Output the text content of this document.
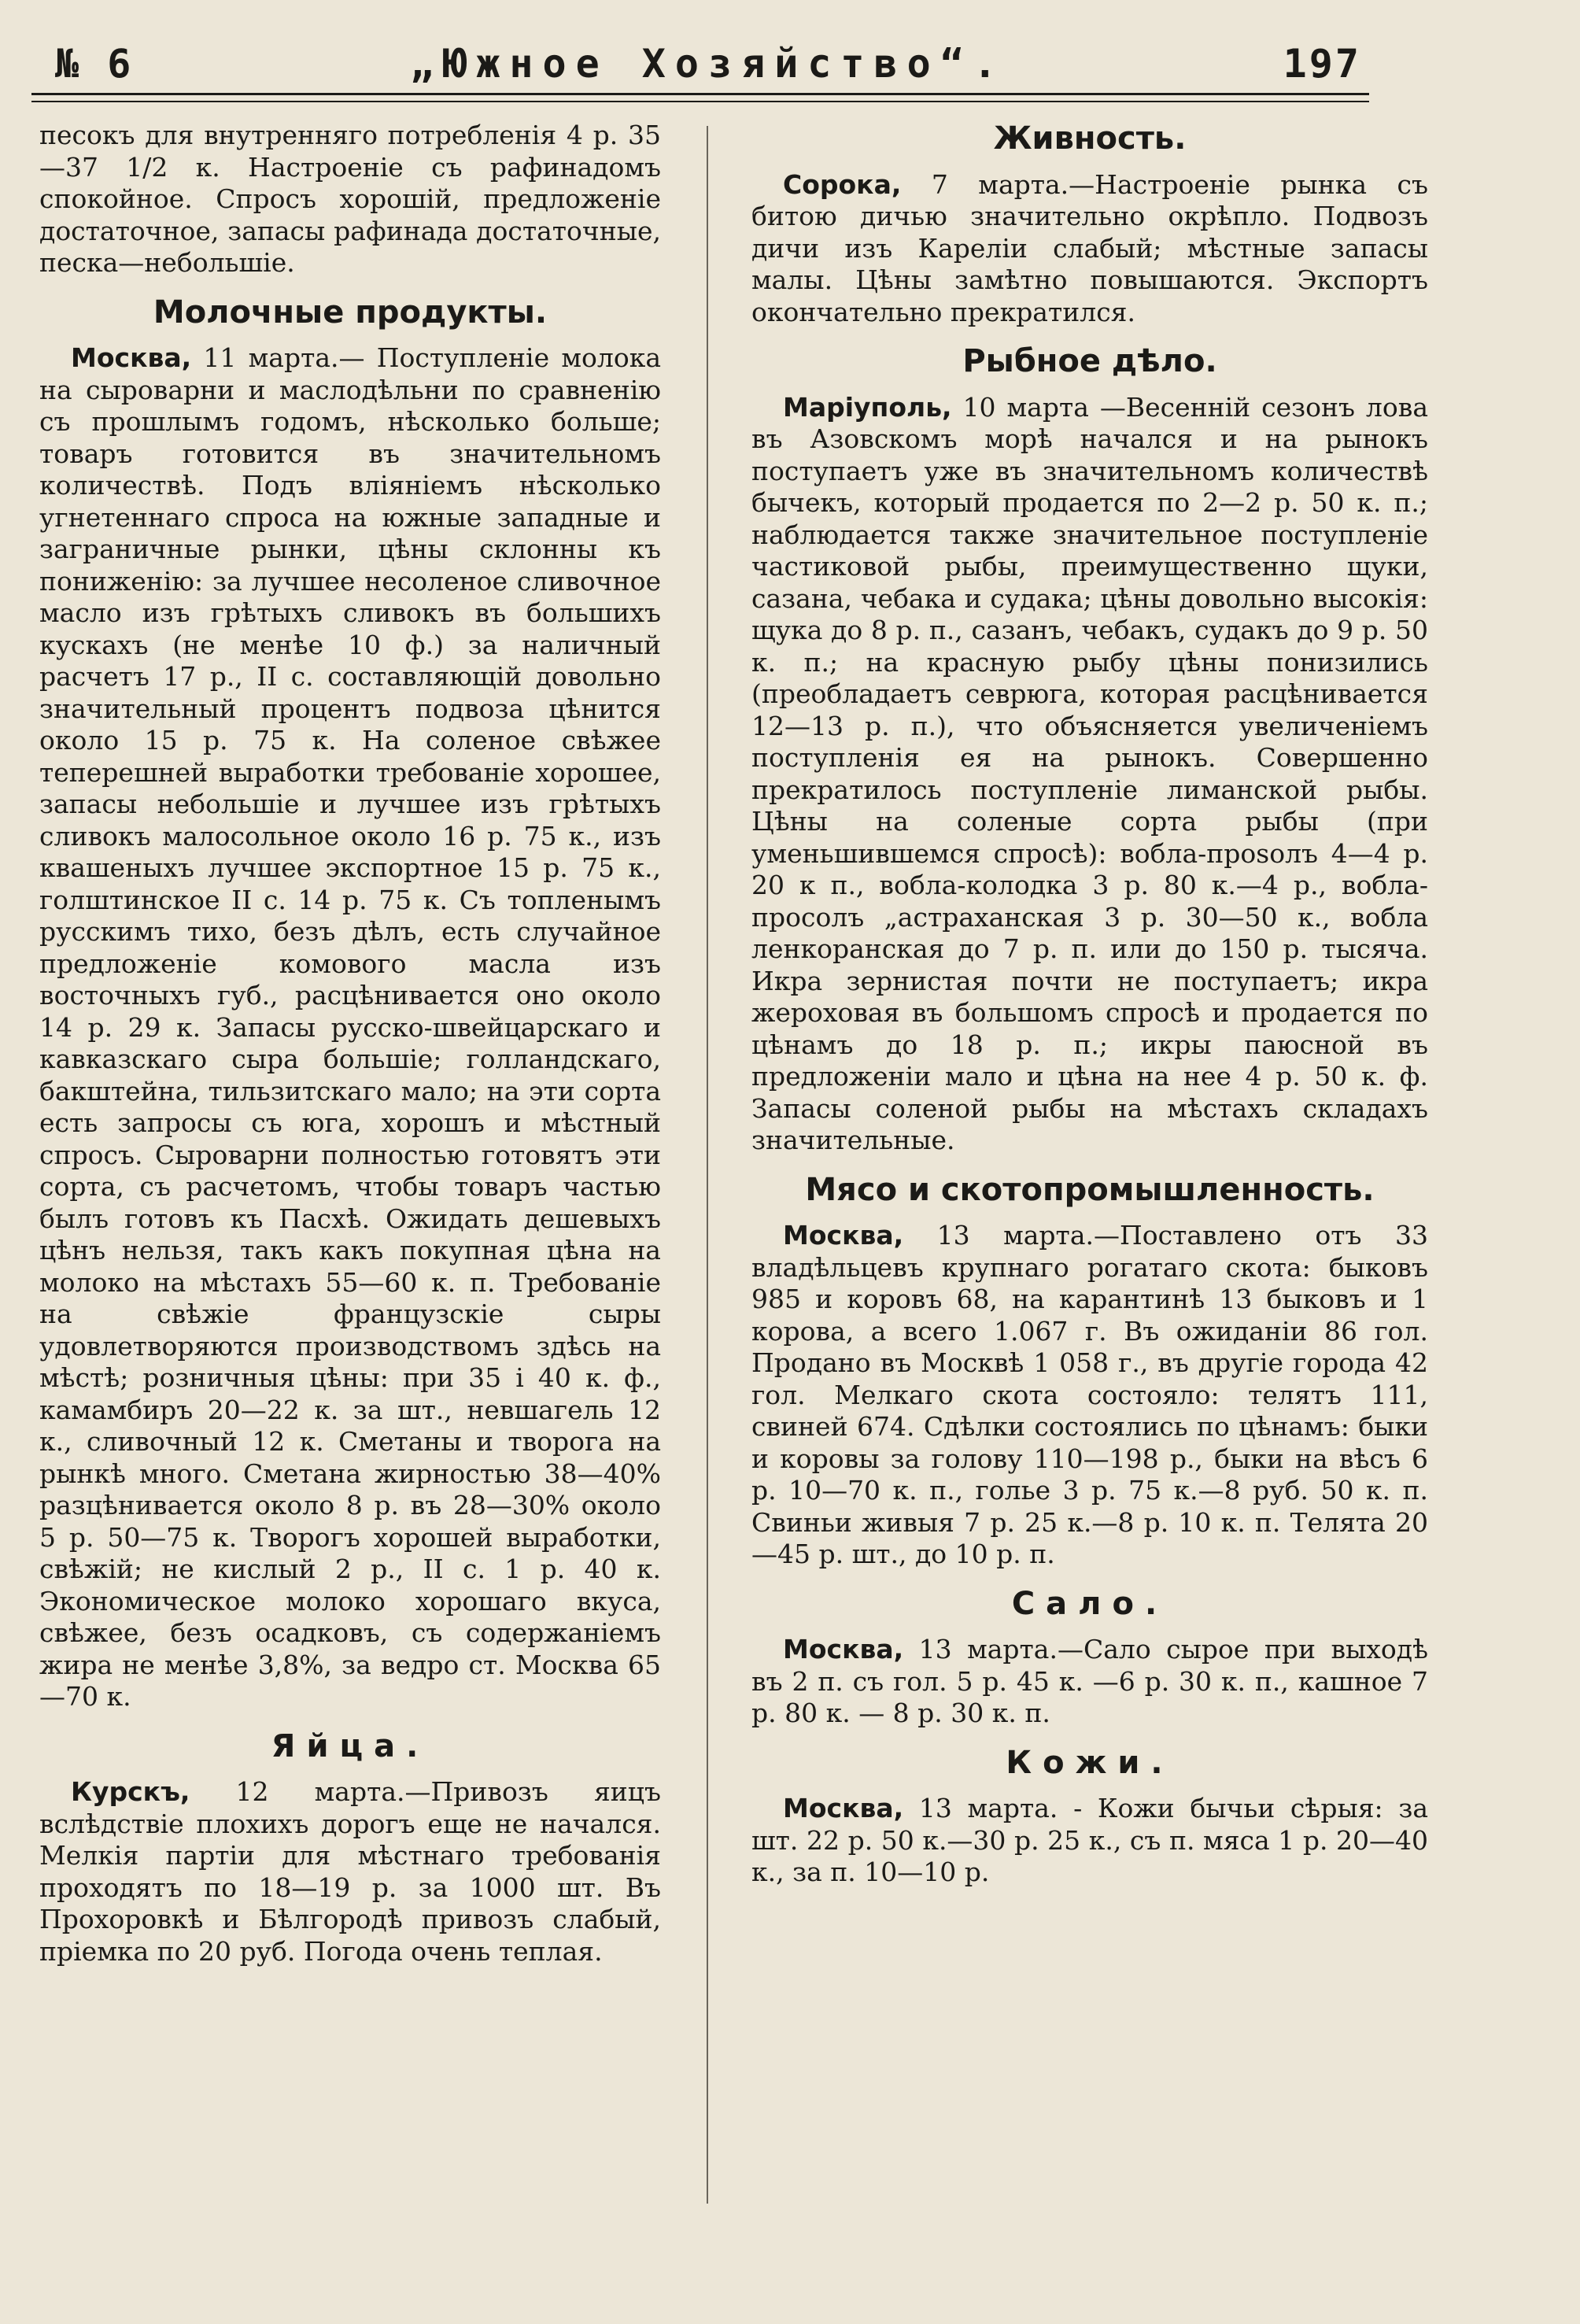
№ 6	„Южное Хозяйство“.	197

песокъ для внутренняго потребленія 4 р. 35—37 1/2 к. Настроеніе съ рафинадомъ спокойное. Спросъ хорошій, предложеніе достаточное, запасы рафинада достаточные, песка—небольшіе.

Молочные продукты.

Москва, 11 марта.— Поступленіе молока на сыроварни и маслодѣльни по сравненію съ прошлымъ годомъ, нѣсколько больше; товаръ готовится въ значительномъ количествѣ. Подъ вліяніемъ нѣсколько угнетеннаго спроса на южные западные и заграничные рынки, цѣны склонны къ пониженію: за лучшее несоленое сливочное масло изъ грѣтыхъ сливокъ въ большихъ кускахъ (не менѣе 10 ф.) за наличный расчетъ 17 р., II с. составляющій довольно значительный процентъ подвоза цѣнится около 15 р. 75 к. На соленое свѣжее теперешней выработки требованіе хорошее, запасы небольшіе и лучшее изъ грѣтыхъ сливокъ малосольное около 16 р. 75 к., изъ квашеныхъ лучшее экспортное 15 р. 75 к., голштинское II с. 14 р. 75 к. Съ топленымъ русскимъ тихо, безъ дѣлъ, есть случайное предложеніе комового масла изъ восточныхъ губ., расцѣнивается оно около 14 р. 29 к. Запасы русско-швейцарскаго и кавказскаго сыра большіе; голландскаго, бакштейна, тильзитскаго мало; на эти сорта есть запросы съ юга, хорошъ и мѣстный спросъ. Сыроварни полностью готовятъ эти сорта, съ расчетомъ, чтобы товаръ частью былъ готовъ къ Пасхѣ. Ожидать дешевыхъ цѣнъ нельзя, такъ какъ покупная цѣна на молоко на мѣстахъ 55—60 к. п. Требованіе на свѣжіе французскіе сыры удовлетворяются производствомъ здѣсь на мѣстѣ; розничныя цѣны: при 35 і 40 к. ф., камамбиръ 20—22 к. за шт., невшагель 12 к., сливочный 12 к. Сметаны и творога на рынкѣ много. Сметана жирностью 38—40% разцѣнивается около 8 р. въ 28—30% около 5 р. 50—75 к. Творогъ хорошей выработки, свѣжій; не кислый 2 р., II с. 1 р. 40 к. Экономическое молоко хорошаго вкуса, свѣжее, безъ осадковъ, съ содержаніемъ жира не менѣе 3,8%, за ведро ст. Москва 65—70 к.

Яйца.

Курскъ, 12 марта.—Привозъ яицъ вслѣдствіе плохихъ дорогъ еще не начался. Мелкія партіи для мѣстнаго требованія проходятъ по 18—19 р. за 1000 шт. Въ Прохоровкѣ и Бѣлгородѣ привозъ слабый, пріемка по 20 руб. Погода очень теплая.

Живность.

Сорока, 7 марта.—Настроеніе рынка съ битою дичью значительно окрѣпло. Подвозъ дичи изъ Кареліи слабый; мѣстные запасы малы. Цѣны замѣтно повышаются. Экспортъ окончательно прекратился.

Рыбное дѣло.

Маріуполь, 10 марта —Весенній сезонъ лова въ Азовскомъ морѣ начался и на рынокъ поступаетъ уже въ значительномъ количествѣ бычекъ, который продается по 2—2 р. 50 к. п.; наблюдается также значительное поступленіе частиковой рыбы, преимущественно щуки, сазана, чебака и судака; цѣны довольно высокія: щука до 8 р. п., сазанъ, чебакъ, судакъ до 9 р. 50 к. п.; на красную рыбу цѣны понизились (преобладаетъ севрюга, которая расцѣнивается 12—13 р. п.), что объясняется увеличеніемъ поступленія ея на рынокъ. Совершенно прекратилось поступленіе лиманской рыбы. Цѣны на соленые сорта рыбы (при уменьшившемся спросѣ): вобла-прosолъ 4—4 р. 20 к п., вобла-колодка 3 р. 80 к.—4 р., вобла-просолъ „астраханская 3 р. 30—50 к., вобла ленкоранская до 7 р. п. или до 150 р. тысяча. Икра зернистая почти не поступаетъ; икра жероховая въ большомъ спросѣ и продается по цѣнамъ до 18 р. п.; икры паюсной въ предложеніи мало и цѣна на нее 4 р. 50 к. ф. Запасы соленой рыбы на мѣстахъ складахъ значительные.

Мясо и скотопромышленность.

Москва, 13 марта.—Поставлено отъ 33 владѣльцевъ крупнаго рогатаго скота: быковъ 985 и коровъ 68, на карантинѣ 13 быковъ и 1 корова, а всего 1.067 г. Въ ожиданіи 86 гол. Продано въ Москвѣ 1 058 г., въ другіе города 42 гол. Мелкаго скота состояло: телятъ 111, свиней 674. Сдѣлки состоялись по цѣнамъ: быки и коровы за голову 110—198 р., быки на вѣсъ 6 р. 10—70 к. п., голье 3 р. 75 к.—8 руб. 50 к. п. Свиньи живыя 7 р. 25 к.—8 р. 10 к. п. Телята 20—45 р. шт., до 10 р. п.

Сало.

Москва, 13 марта.—Сало сырое при выходѣ въ 2 п. съ гол. 5 р. 45 к. —6 р. 30 к. п., кашное 7 р. 80 к. — 8 р. 30 к. п.

Кожи.

Москва, 13 марта. - Кожи бычьи сѣрыя: за шт. 22 р. 50 к.—30 р. 25 к., съ п. мяса 1 р. 20—40 к., за п. 10—10 р.
